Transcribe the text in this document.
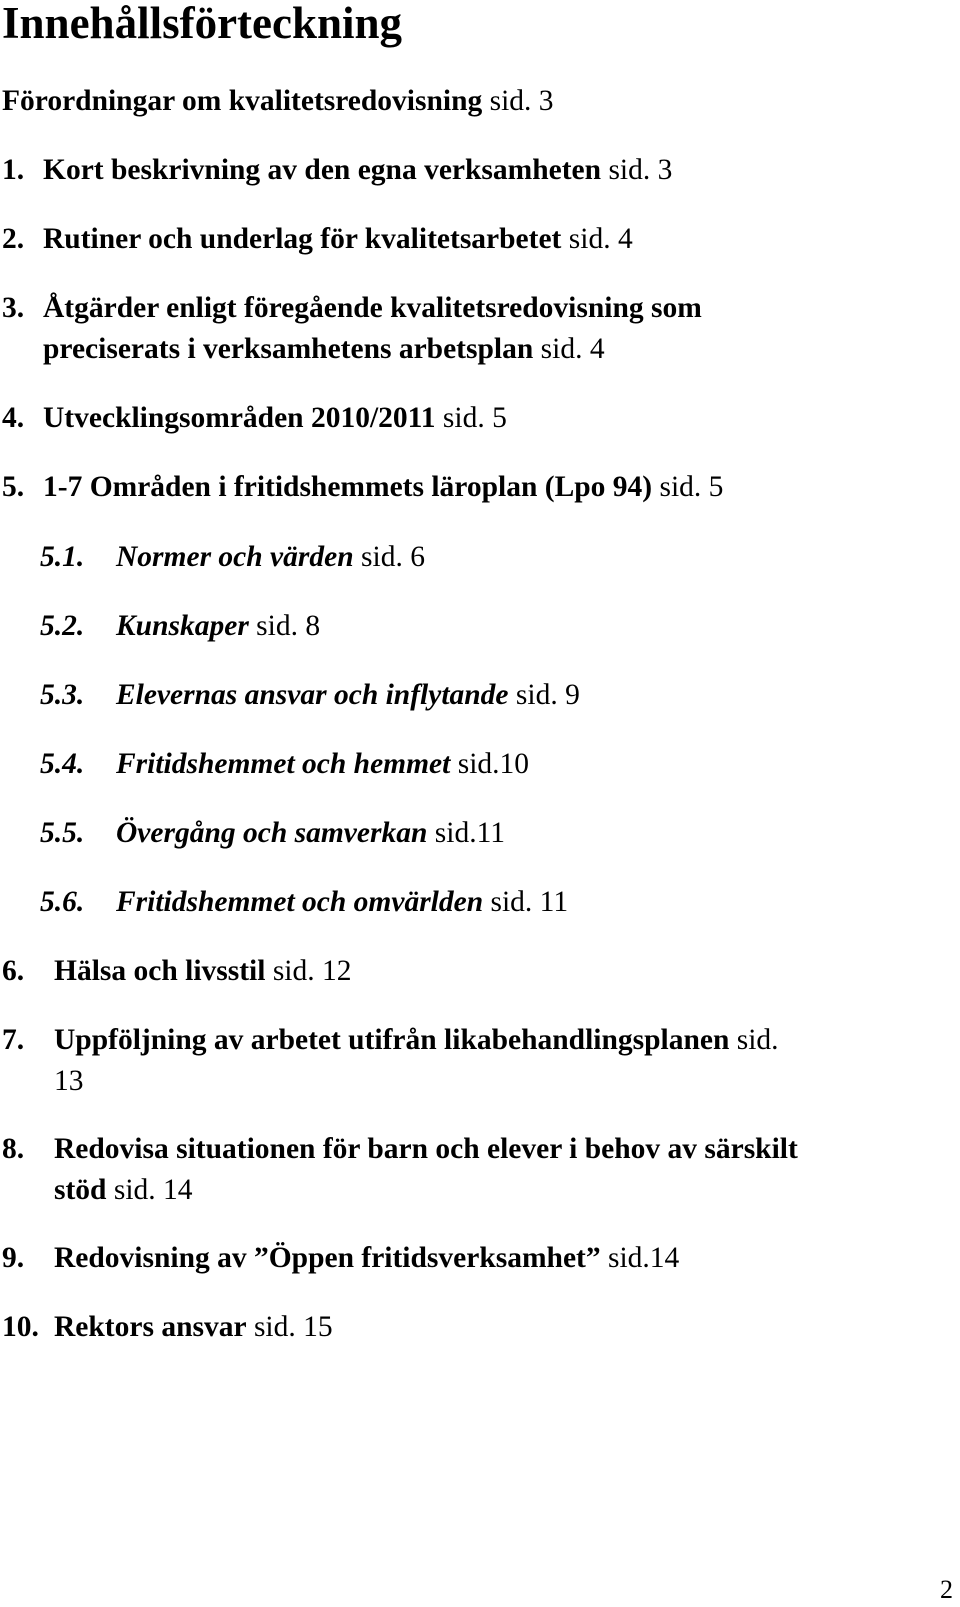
Innehållsförteckning
Förordningar om kvalitetsredovisning sid. 3
1. Kort beskrivning av den egna verksamheten sid. 3
2. Rutiner och underlag för kvalitetsarbetet sid. 4
3. Åtgärder enligt föregående kvalitetsredovisning som
preciserats i verksamhetens arbetsplan sid. 4
4. Utvecklingsområden 2010/2011 sid. 5
5. 1-7 Områden i fritidshemmets läroplan (Lpo 94) sid. 5
5.1. Normer och värden sid. 6
5.2. Kunskaper sid. 8
5.3. Elevernas ansvar och inflytande sid. 9
5.4. Fritidshemmet och hemmet sid.10
5.5. Övergång och samverkan sid.11
5.6. Fritidshemmet och omvärlden sid. 11
6. Hälsa och livsstil sid. 12
7. Uppföljning av arbetet utifrån likabehandlingsplanen sid.
13
8. Redovisa situationen för barn och elever i behov av särskilt
stöd sid. 14
9. Redovisning av ”Öppen fritidsverksamhet” sid.14
10. Rektors ansvar sid. 15
2
